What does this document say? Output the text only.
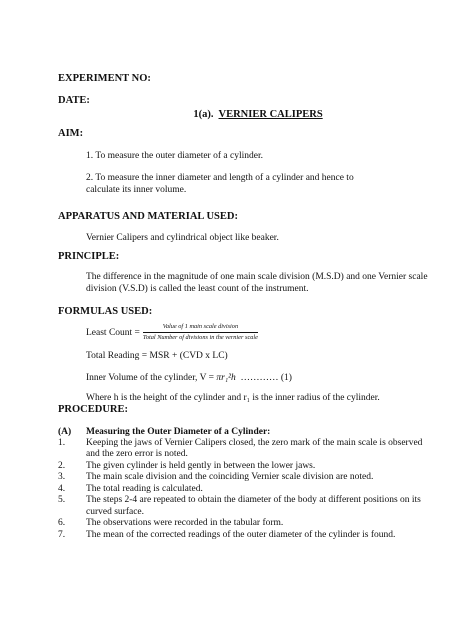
EXPERIMENT NO:
DATE:
1(a). VERNIER CALIPERS
AIM:
1. To measure the outer diameter of a cylinder.
2. To measure the inner diameter and length of a cylinder and hence to calculate its inner volume.
APPARATUS AND MATERIAL USED:
Vernier Calipers and cylindrical object like beaker.
PRINCIPLE:
The difference in the magnitude of one main scale division (M.S.D) and one Vernier scale division (V.S.D) is called the least count of the instrument.
FORMULAS USED:
Least Count = $\frac{\text{Value of 1 main scale division}}{\text{Total Number of divisions in the vernier scale}}$
Total Reading = MSR + (CVD x LC)
Inner Volume of the cylinder, V = πr₁²h ………… (1)
Where h is the height of the cylinder and r₁ is the inner radius of the cylinder.
PROCEDURE:
(A)	Measuring the Outer Diameter of a Cylinder:
1.	Keeping the jaws of Vernier Calipers closed, the zero mark of the main scale is observed and the zero error is noted.
2.	The given cylinder is held gently in between the lower jaws.
3.	The main scale division and the coinciding Vernier scale division are noted.
4.	The total reading is calculated.
5.	The steps 2-4 are repeated to obtain the diameter of the body at different positions on its curved surface.
6.	The observations were recorded in the tabular form.
7.	The mean of the corrected readings of the outer diameter of the cylinder is found.
